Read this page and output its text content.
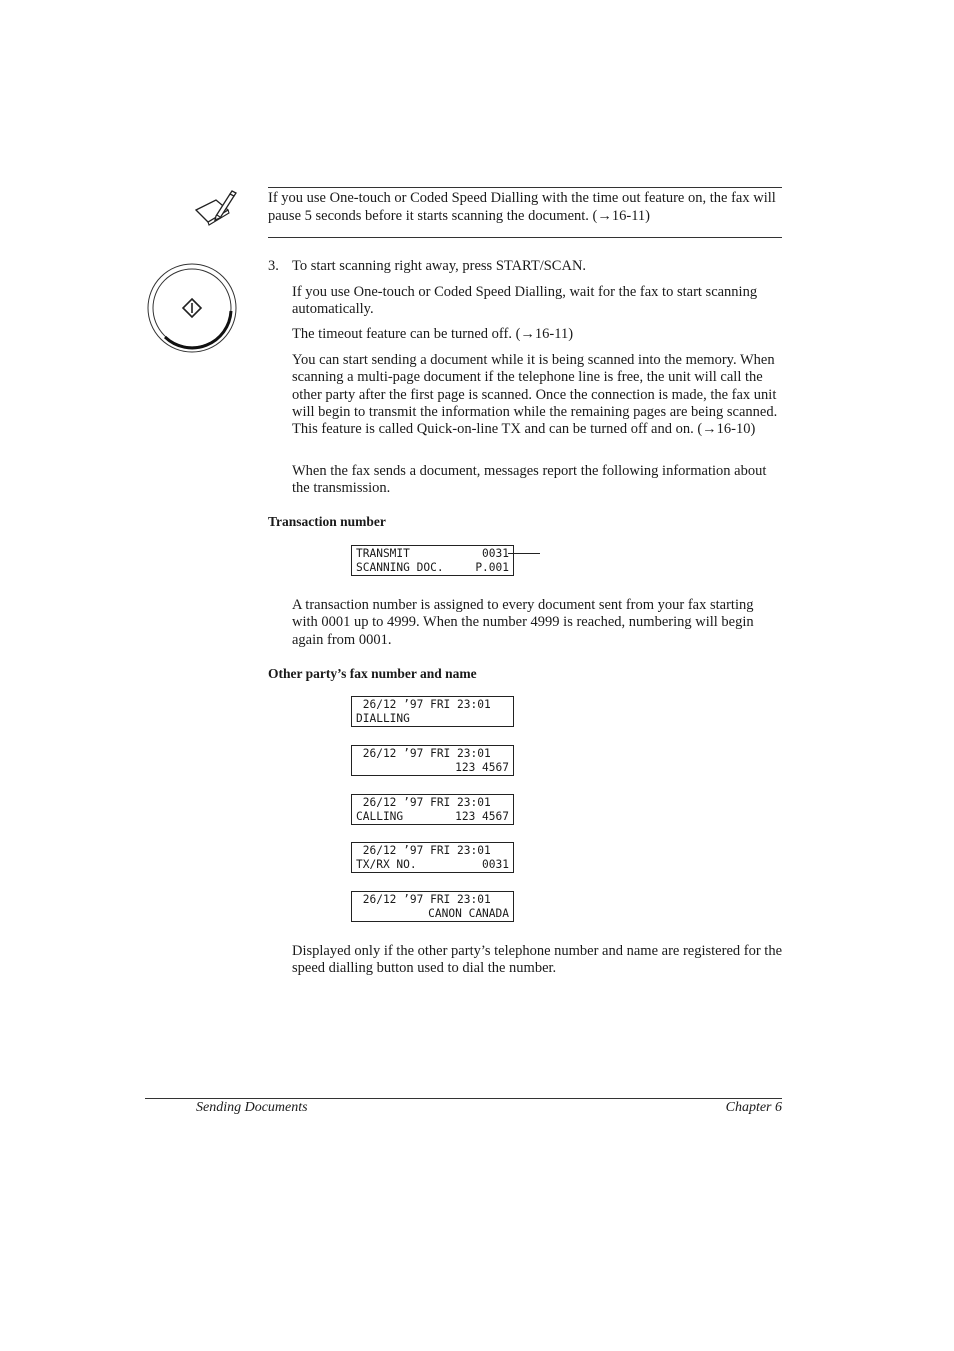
If you use One-touch or Coded Speed Dialling with the time out feature on, the fax will pause 5 seconds before it starts scanning the document. (→16-11)
3. To start scanning right away, press START/SCAN.
If you use One-touch or Coded Speed Dialling, wait for the fax to start scanning automatically.
The timeout feature can be turned off. (→16-11)
You can start sending a document while it is being scanned into the memory. When scanning a multi-page document if the telephone line is free, the unit will call the other party after the first page is scanned. Once the connection is made, the fax unit will begin to transmit the information while the remaining pages are being scanned. This feature is called Quick-on-line TX and can be turned off and on. (→16-10)
When the fax sends a document, messages report the following information about the transmission.
Transaction number
TRANSMIT	0031
SCANNING DOC.	P.001
A transaction number is assigned to every document sent from your fax starting with 0001 up to 4999. When the number 4999 is reached, numbering will begin again from 0001.
Other party’s fax number and name
26/12 ’97 FRI 23:01
DIALLING
26/12 ’97 FRI 23:01
123 4567
26/12 ’97 FRI 23:01
CALLING	123 4567
26/12 ’97 FRI 23:01
TX/RX NO.	0031
26/12 ’97 FRI 23:01
CANON CANADA
Displayed only if the other party’s telephone number and name are registered for the speed dialling button used to dial the number.
Sending Documents	Chapter 6
